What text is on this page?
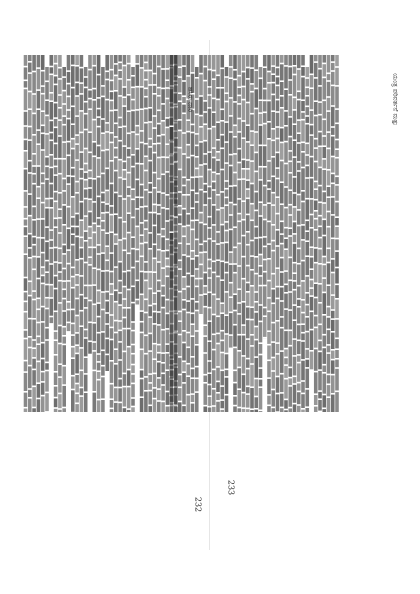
ಹಸಿರು ದಾರಿ
232
ಯಂತ್ರ ಪರಿವರ್ತನೆ ಮತ್ತು
233
